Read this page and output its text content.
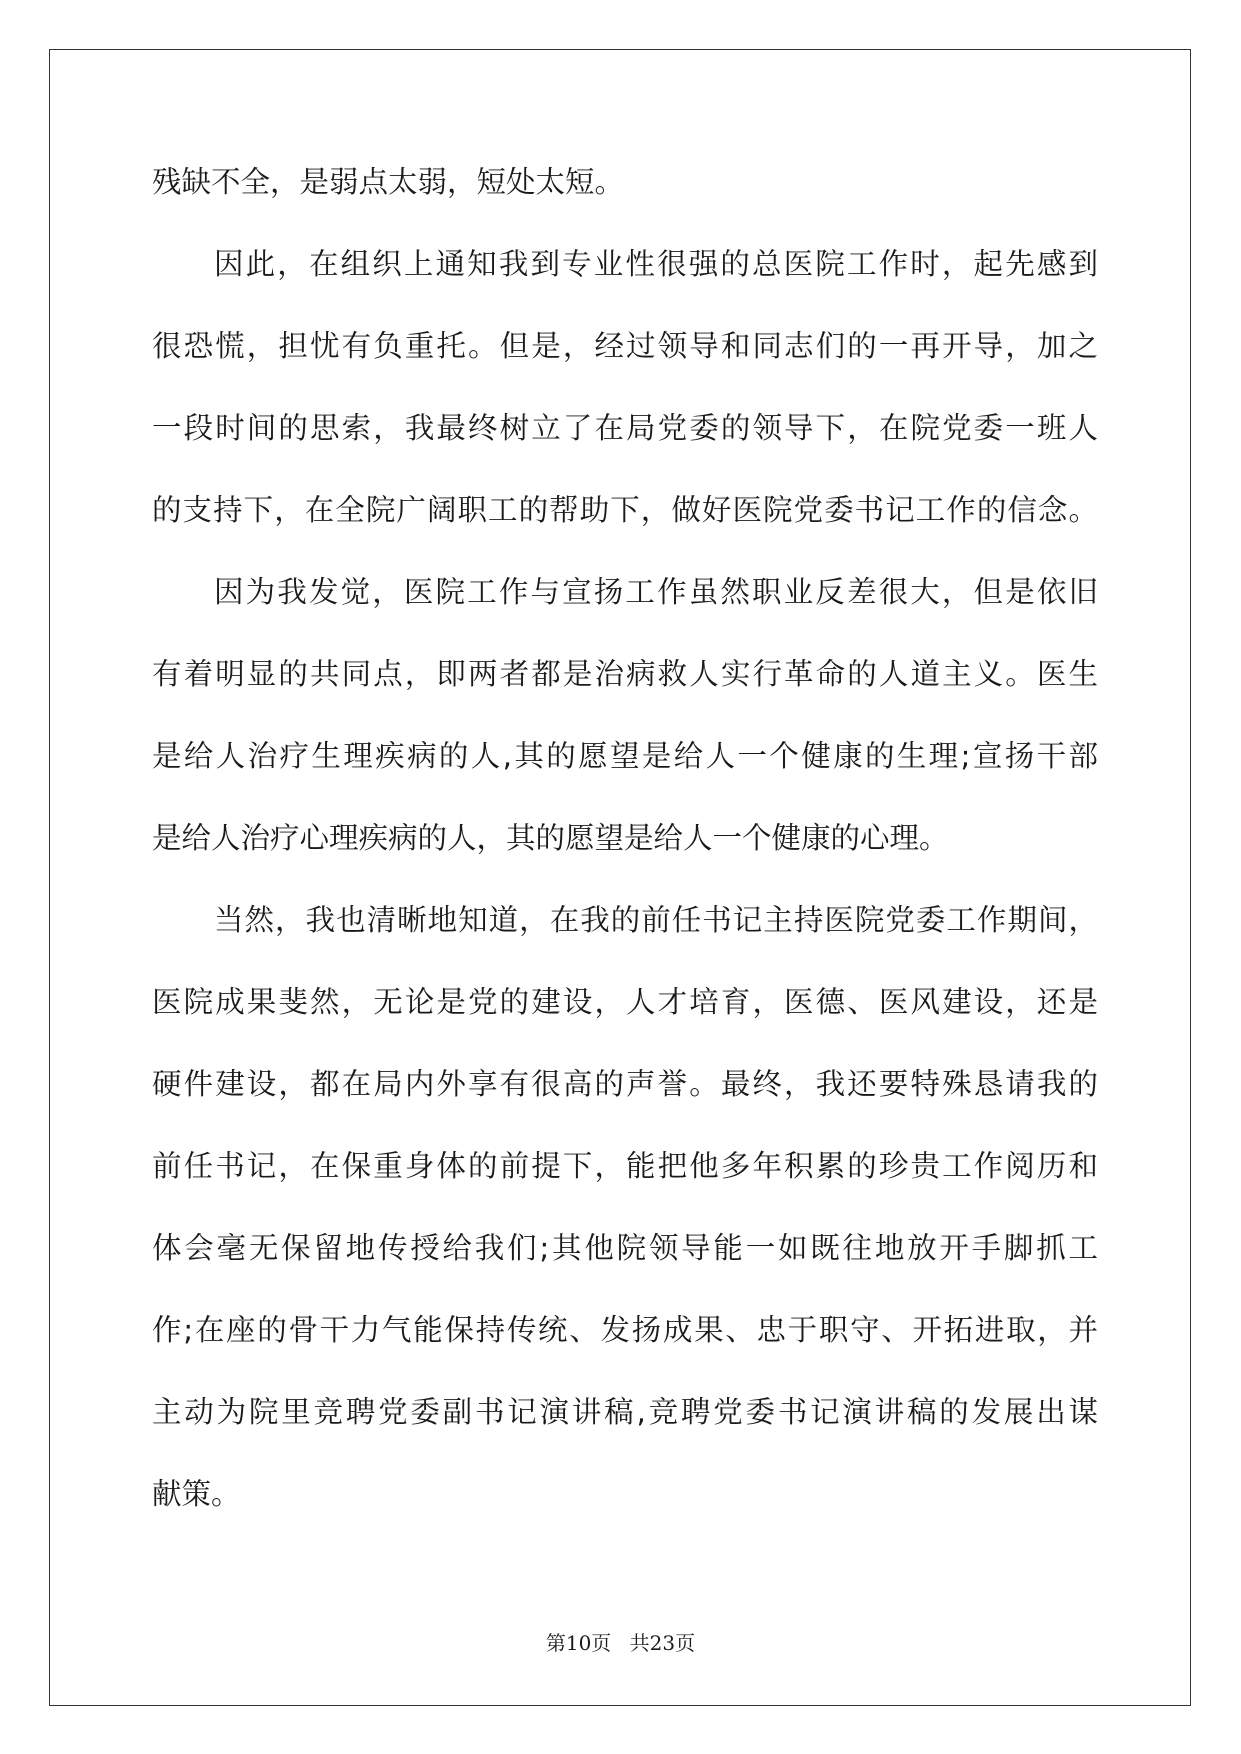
残缺不全，是弱点太弱，短处太短。
因此，在组织上通知我到专业性很强的总医院工作时，起先感到
很恐慌，担忧有负重托。但是，经过领导和同志们的一再开导，加之
一段时间的思索，我最终树立了在局党委的领导下，在院党委一班人
的支持下，在全院广阔职工的帮助下，做好医院党委书记工作的信念。
因为我发觉，医院工作与宣扬工作虽然职业反差很大，但是依旧
有着明显的共同点，即两者都是治病救人实行革命的人道主义。医生
是给人治疗生理疾病的人,其的愿望是给人一个健康的生理;宣扬干部
是给人治疗心理疾病的人，其的愿望是给人一个健康的心理。
当然，我也清晰地知道，在我的前任书记主持医院党委工作期间，
医院成果斐然，无论是党的建设，人才培育，医德、医风建设，还是
硬件建设，都在局内外享有很高的声誉。最终，我还要特殊恳请我的
前任书记，在保重身体的前提下，能把他多年积累的珍贵工作阅历和
体会毫无保留地传授给我们;其他院领导能一如既往地放开手脚抓工
作;在座的骨干力气能保持传统、发扬成果、忠于职守、开拓进取，并
主动为院里竞聘党委副书记演讲稿,竞聘党委书记演讲稿的发展出谋
献策。
第10页 共23页
